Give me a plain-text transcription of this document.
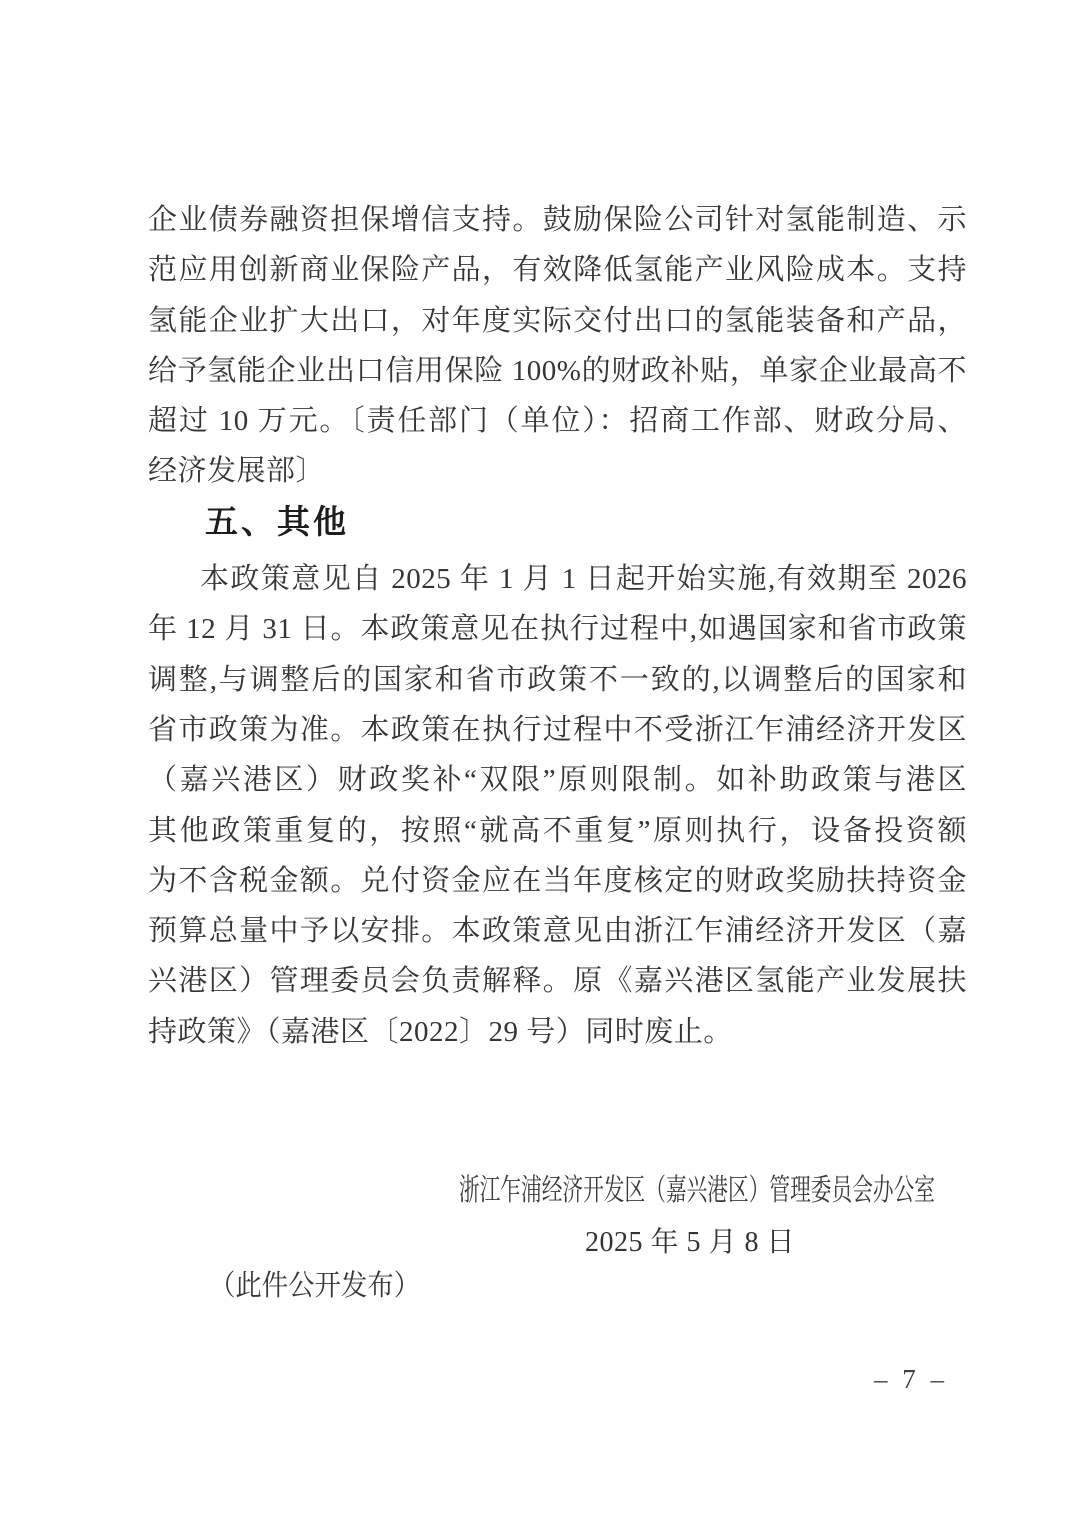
企业债券融资担保增信支持。鼓励保险公司针对氢能制造、示
范应用创新商业保险产品，有效降低氢能产业风险成本。支持
氢能企业扩大出口，对年度实际交付出口的氢能装备和产品，
给予氢能企业出口信用保险 100%的财政补贴，单家企业最高不
超过 10 万元。〔责任部门（单位）：招商工作部、财政分局、
经济发展部〕
五、其他
本政策意见自 2025 年 1 月 1 日起开始实施,有效期至 2026
年 12 月 31 日。本政策意见在执行过程中,如遇国家和省市政策
调整,与调整后的国家和省市政策不一致的,以调整后的国家和
省市政策为准。本政策在执行过程中不受浙江乍浦经济开发区
（嘉兴港区）财政奖补“双限”原则限制。如补助政策与港区
其他政策重复的，按照“就高不重复”原则执行，设备投资额
为不含税金额。兑付资金应在当年度核定的财政奖励扶持资金
预算总量中予以安排。本政策意见由浙江乍浦经济开发区（嘉
兴港区）管理委员会负责解释。原《嘉兴港区氢能产业发展扶
持政策》（嘉港区〔2022〕29 号）同时废止。
浙江乍浦经济开发区（嘉兴港区）管理委员会办公室
2025 年 5 月 8 日
（此件公开发布）
– 7 –
